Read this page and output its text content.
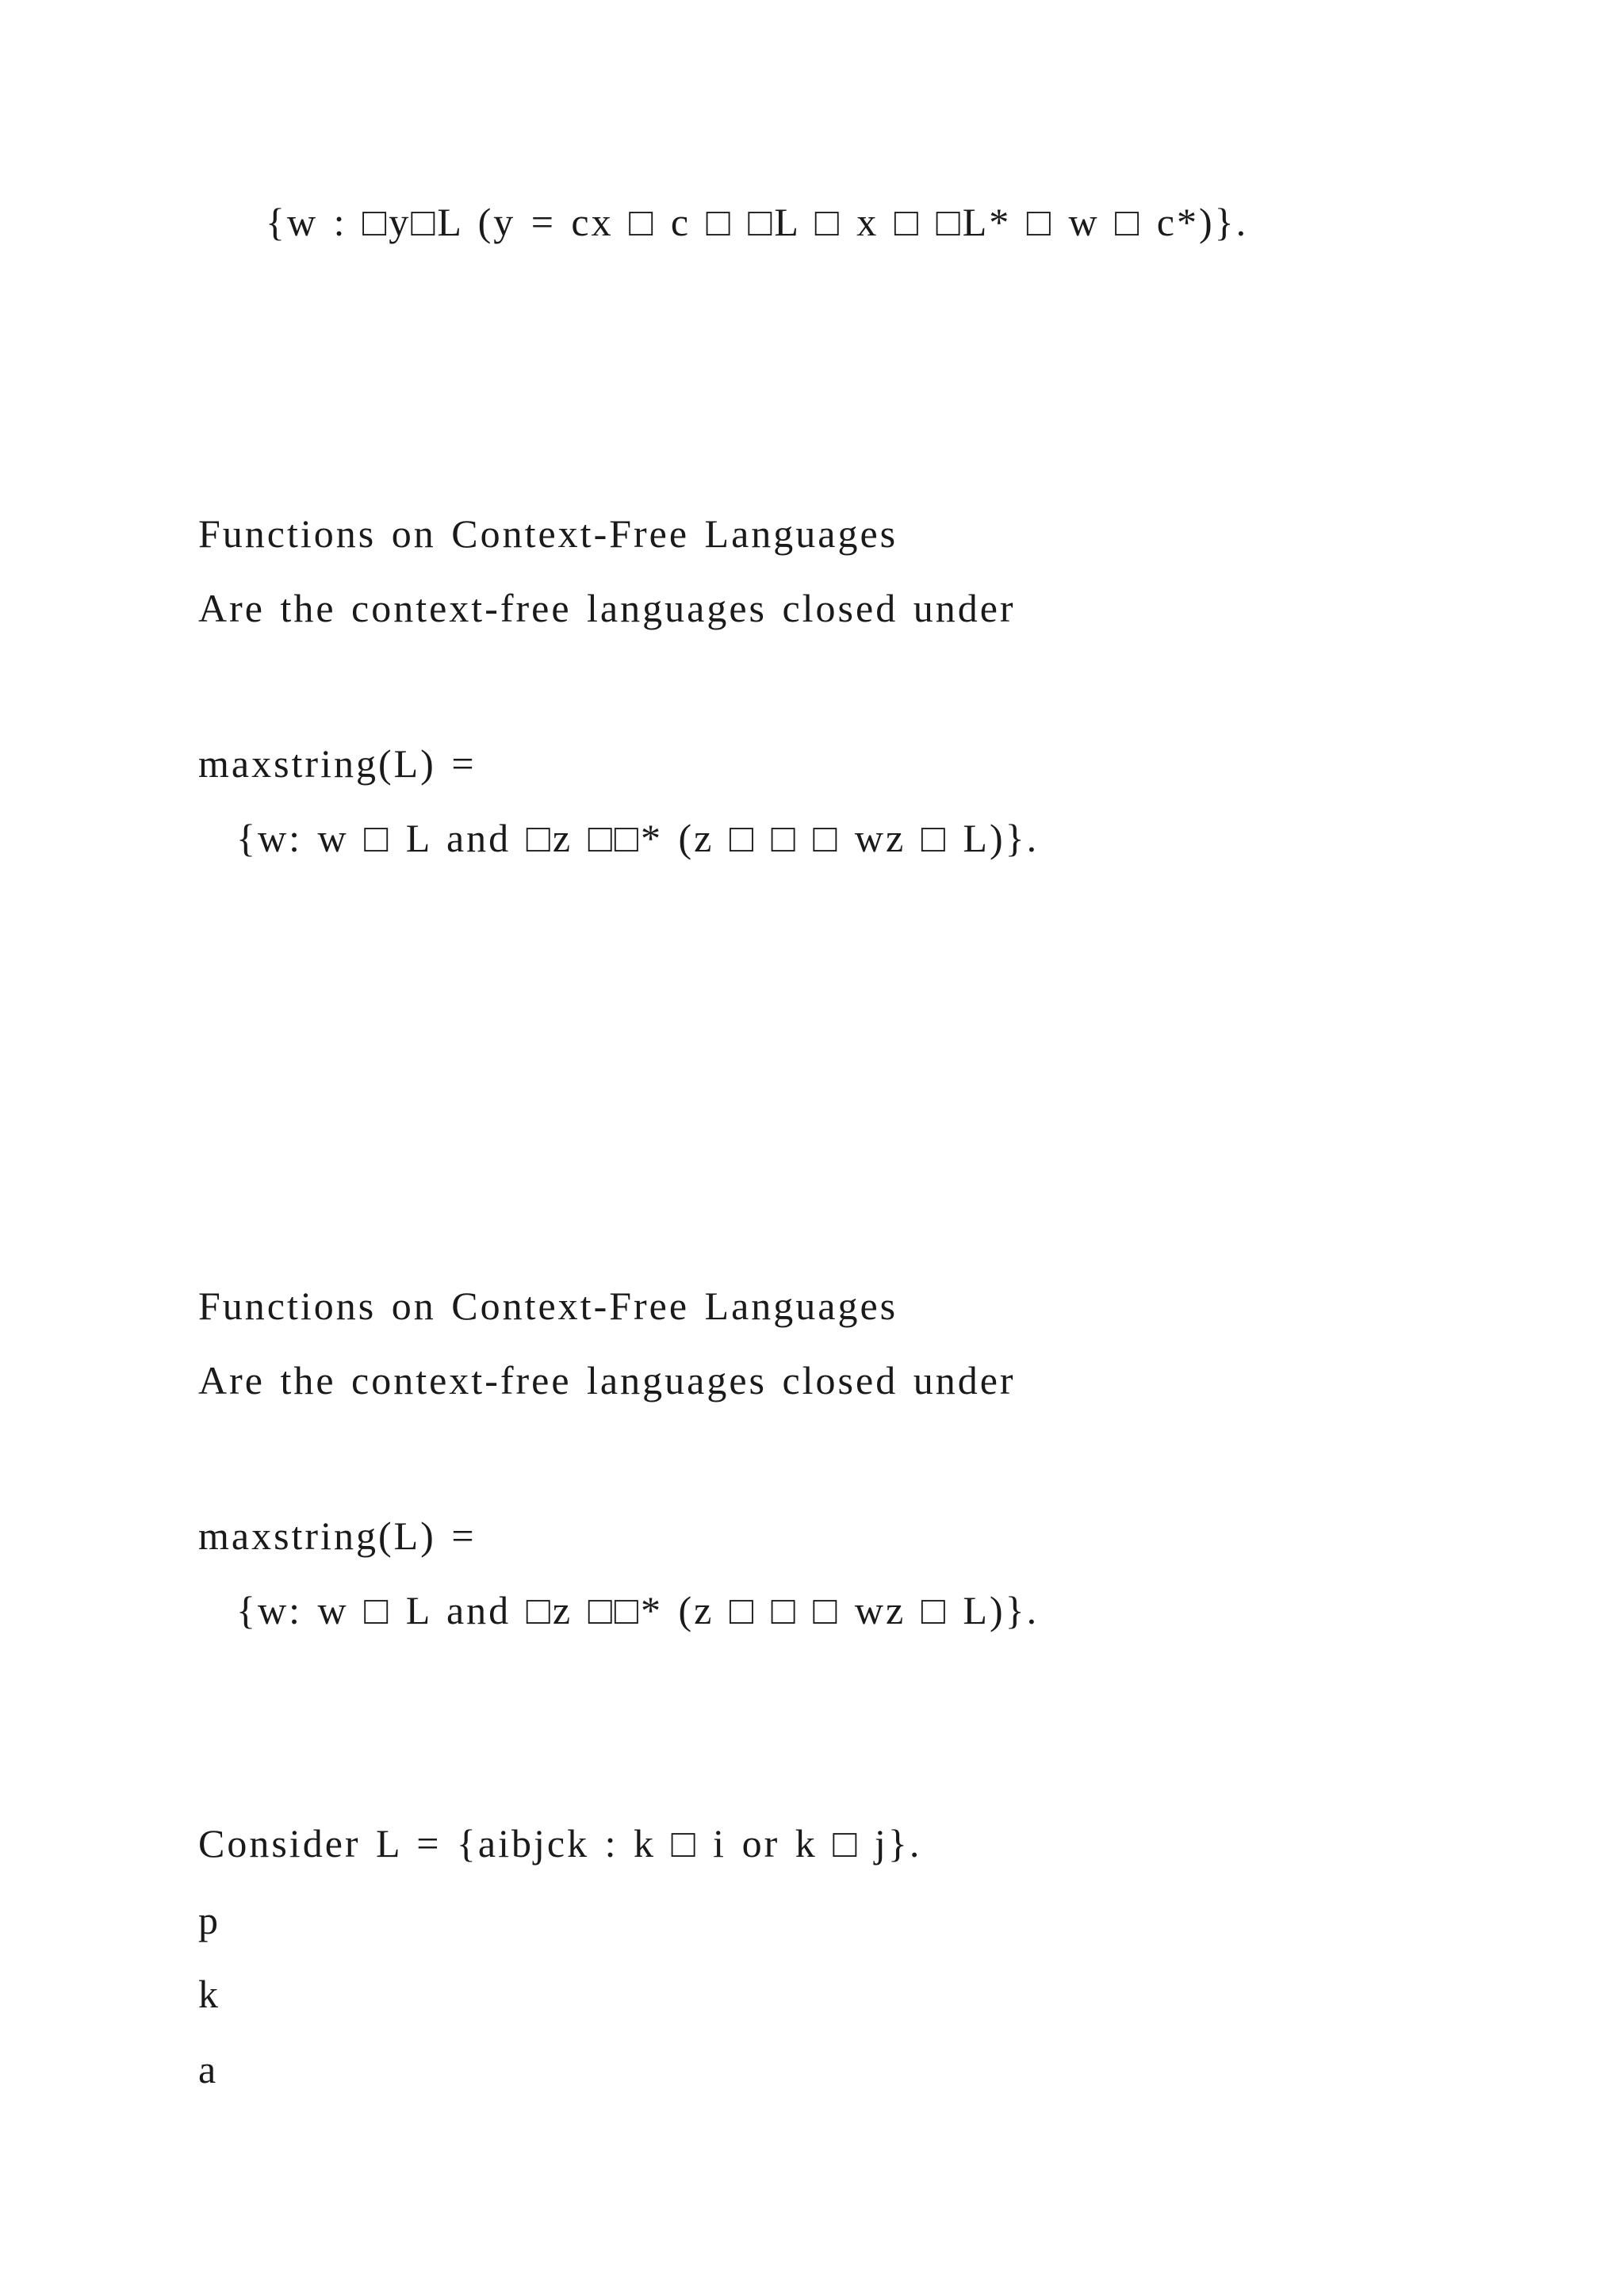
{w : □y□L (y = cx □ c □ □L □ x □ □L* □ w □ c*)}.
Functions on Context-Free Languages
Are the context-free languages closed under
maxstring(L) =
{w: w □ L and □z □□* (z □ □ □ wz □ L)}.
Functions on Context-Free Languages
Are the context-free languages closed under
maxstring(L) =
{w: w □ L and □z □□* (z □ □ □ wz □ L)}.
Consider L = {aibjck : k □ i or k □ j}.
p
k
a
